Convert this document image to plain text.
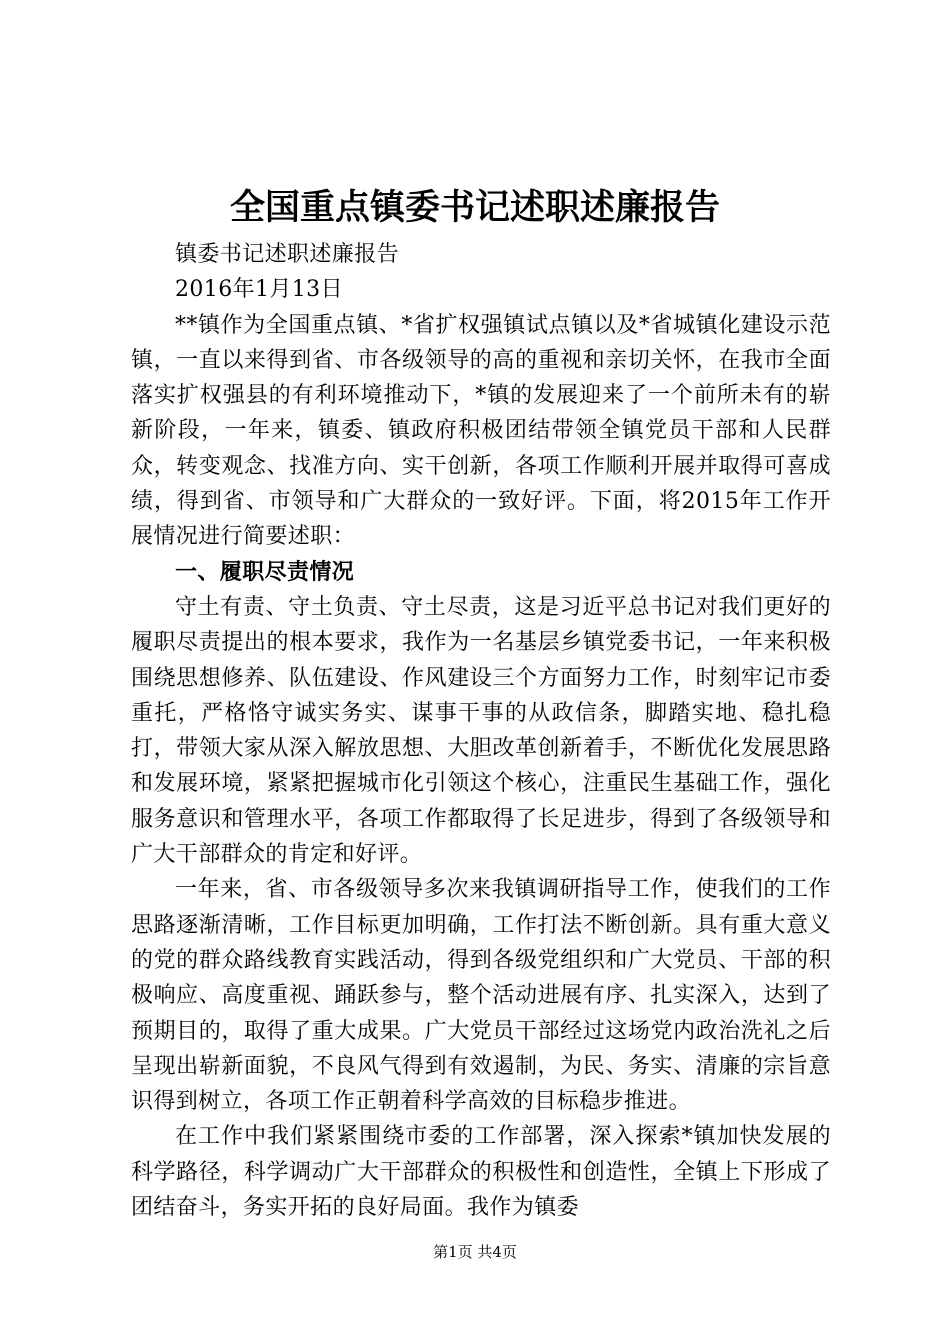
全国重点镇委书记述职述廉报告

镇委书记述职述廉报告

2016年1月13日

**镇作为全国重点镇、*省扩权强镇试点镇以及*省城镇化建设示范镇，一直以来得到省、市各级领导的高的重视和亲切关怀，在我市全面落实扩权强县的有利环境推动下，*镇的发展迎来了一个前所未有的崭新阶段，一年来，镇委、镇政府积极团结带领全镇党员干部和人民群众，转变观念、找准方向、实干创新，各项工作顺利开展并取得可喜成绩，得到省、市领导和广大群众的一致好评。下面，将2015年工作开展情况进行简要述职：

一、履职尽责情况

守土有责、守土负责、守土尽责，这是习近平总书记对我们更好的履职尽责提出的根本要求，我作为一名基层乡镇党委书记，一年来积极围绕思想修养、队伍建设、作风建设三个方面努力工作，时刻牢记市委重托，严格恪守诚实务实、谋事干事的从政信条，脚踏实地、稳扎稳打，带领大家从深入解放思想、大胆改革创新着手，不断优化发展思路和发展环境，紧紧把握城市化引领这个核心，注重民生基础工作，强化服务意识和管理水平，各项工作都取得了长足进步，得到了各级领导和广大干部群众的肯定和好评。

一年来，省、市各级领导多次来我镇调研指导工作，使我们的工作思路逐渐清晰，工作目标更加明确，工作打法不断创新。具有重大意义的党的群众路线教育实践活动，得到各级党组织和广大党员、干部的积极响应、高度重视、踊跃参与，整个活动进展有序、扎实深入，达到了预期目的，取得了重大成果。广大党员干部经过这场党内政治洗礼之后呈现出崭新面貌，不良风气得到有效遏制，为民、务实、清廉的宗旨意识得到树立，各项工作正朝着科学高效的目标稳步推进。

在工作中我们紧紧围绕市委的工作部署，深入探索*镇加快发展的科学路径，科学调动广大干部群众的积极性和创造性，全镇上下形成了团结奋斗，务实开拓的良好局面。我作为镇委

第1页 共4页
